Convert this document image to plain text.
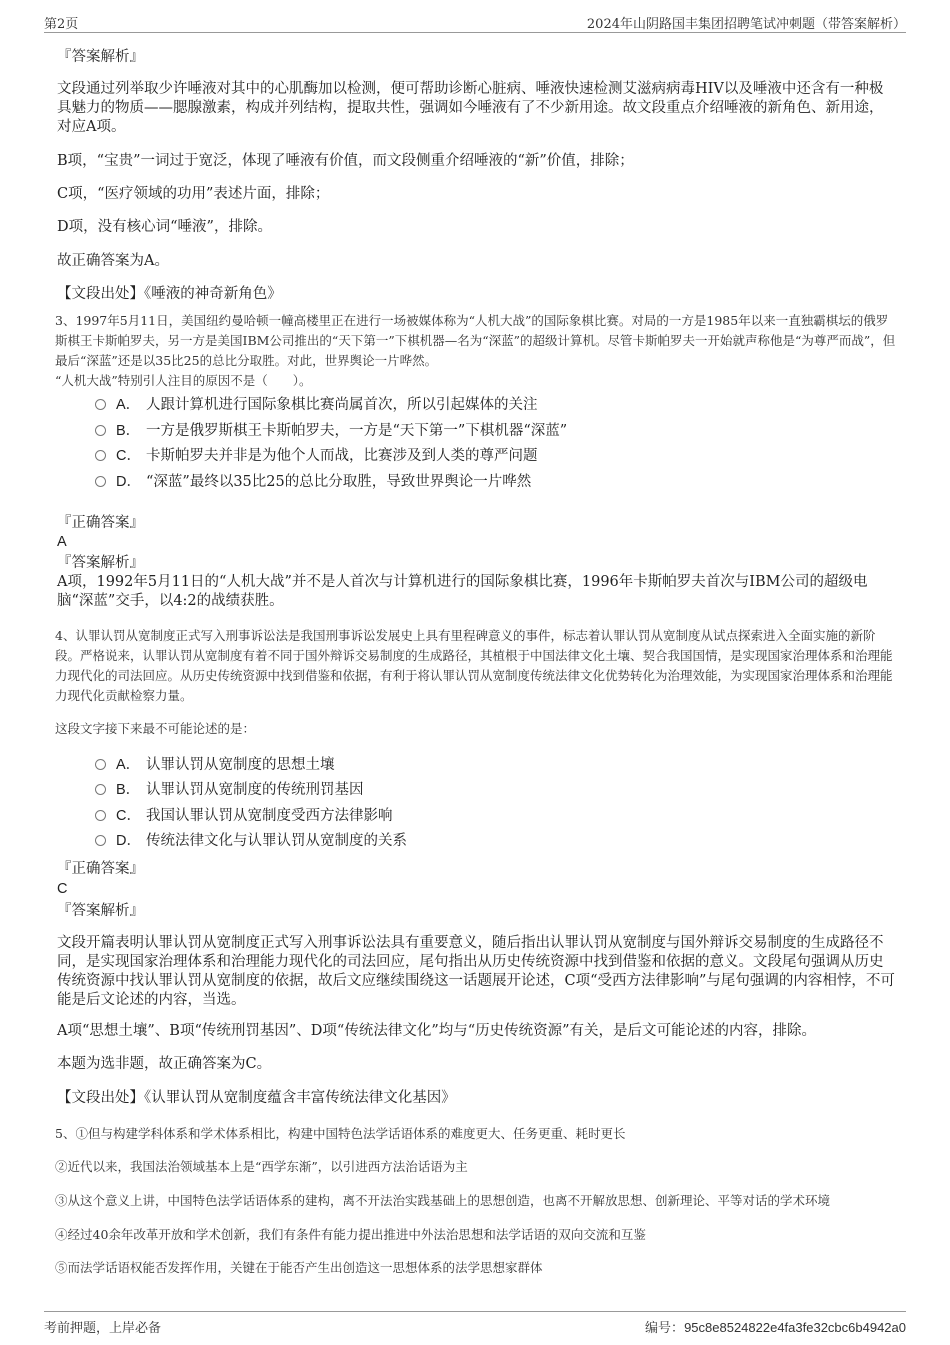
第2页	2024年山阴路国丰集团招聘笔试冲刺题（带答案解析）
『答案解析』
文段通过列举取少许唾液对其中的心肌酶加以检测，便可帮助诊断心脏病、唾液快速检测艾滋病病毒HIV以及唾液中还含有一种极具魅力的物质——腮腺激素，构成并列结构，提取共性，强调如今唾液有了不少新用途。故文段重点介绍唾液的新角色、新用途，对应A项。
B项，“宝贵”一词过于宽泛，体现了唾液有价值，而文段侧重介绍唾液的“新”价值，排除；
C项，“医疗领域的功用”表述片面，排除；
D项，没有核心词“唾液”，排除。
故正确答案为A。
【文段出处】《唾液的神奇新角色》
3、1997年5月11日，美国纽约曼哈顿一幢高楼里正在进行一场被媒体称为“人机大战”的国际象棋比赛。对局的一方是1985年以来一直独霸棋坛的俄罗斯棋王卡斯帕罗夫，另一方是美国IBM公司推出的“天下第一”下棋机器—名为“深蓝”的超级计算机。尽管卡斯帕罗夫一开始就声称他是“为尊严而战”，但最后“深蓝”还是以35比25的总比分取胜。对此，世界舆论一片哗然。
“人机大战”特别引人注目的原因不是（　　）。
A． 人跟计算机进行国际象棋比赛尚属首次，所以引起媒体的关注
B． 一方是俄罗斯棋王卡斯帕罗夫，一方是“天下第一”下棋机器“深蓝”
C． 卡斯帕罗夫并非是为他个人而战，比赛涉及到人类的尊严问题
D． “深蓝”最终以35比25的总比分取胜，导致世界舆论一片哗然
『正确答案』
A
『答案解析』
A项，1992年5月11日的“人机大战”并不是人首次与计算机进行的国际象棋比赛，1996年卡斯帕罗夫首次与IBM公司的超级电脑“深蓝”交手，以4:2的战绩获胜。
4、认罪认罚从宽制度正式写入刑事诉讼法是我国刑事诉讼发展史上具有里程碑意义的事件，标志着认罪认罚从宽制度从试点探索进入全面实施的新阶段。严格说来，认罪认罚从宽制度有着不同于国外辩诉交易制度的生成路径，其植根于中国法律文化土壤、契合我国国情，是实现国家治理体系和治理能力现代化的司法回应。从历史传统资源中找到借鉴和依据，有利于将认罪认罚从宽制度传统法律文化优势转化为治理效能，为实现国家治理体系和治理能力现代化贡献检察力量。
这段文字接下来最不可能论述的是：
A． 认罪认罚从宽制度的思想土壤
B． 认罪认罚从宽制度的传统刑罚基因
C． 我国认罪认罚从宽制度受西方法律影响
D． 传统法律文化与认罪认罚从宽制度的关系
『正确答案』
C
『答案解析』
文段开篇表明认罪认罚从宽制度正式写入刑事诉讼法具有重要意义，随后指出认罪认罚从宽制度与国外辩诉交易制度的生成路径不同，是实现国家治理体系和治理能力现代化的司法回应，尾句指出从历史传统资源中找到借鉴和依据的意义。文段尾句强调从历史传统资源中找认罪认罚从宽制度的依据，故后文应继续围绕这一话题展开论述，C项“受西方法律影响”与尾句强调的内容相悖，不可能是后文论述的内容，当选。
A项“思想土壤”、B项“传统刑罚基因”、D项“传统法律文化”均与“历史传统资源”有关，是后文可能论述的内容，排除。
本题为选非题，故正确答案为C。
【文段出处】《认罪认罚从宽制度蕴含丰富传统法律文化基因》
5、①但与构建学科体系和学术体系相比，构建中国特色法学话语体系的难度更大、任务更重、耗时更长
②近代以来，我国法治领域基本上是“西学东渐”，以引进西方法治话语为主
③从这个意义上讲，中国特色法学话语体系的建构，离不开法治实践基础上的思想创造，也离不开解放思想、创新理论、平等对话的学术环境
④经过40余年改革开放和学术创新，我们有条件有能力提出推进中外法治思想和法学话语的双向交流和互鉴
⑤而法学话语权能否发挥作用，关键在于能否产生出创造这一思想体系的法学思想家群体
考前押题，上岸必备	编号：95c8e8524822e4fa3fe32cbc6b4942a0
